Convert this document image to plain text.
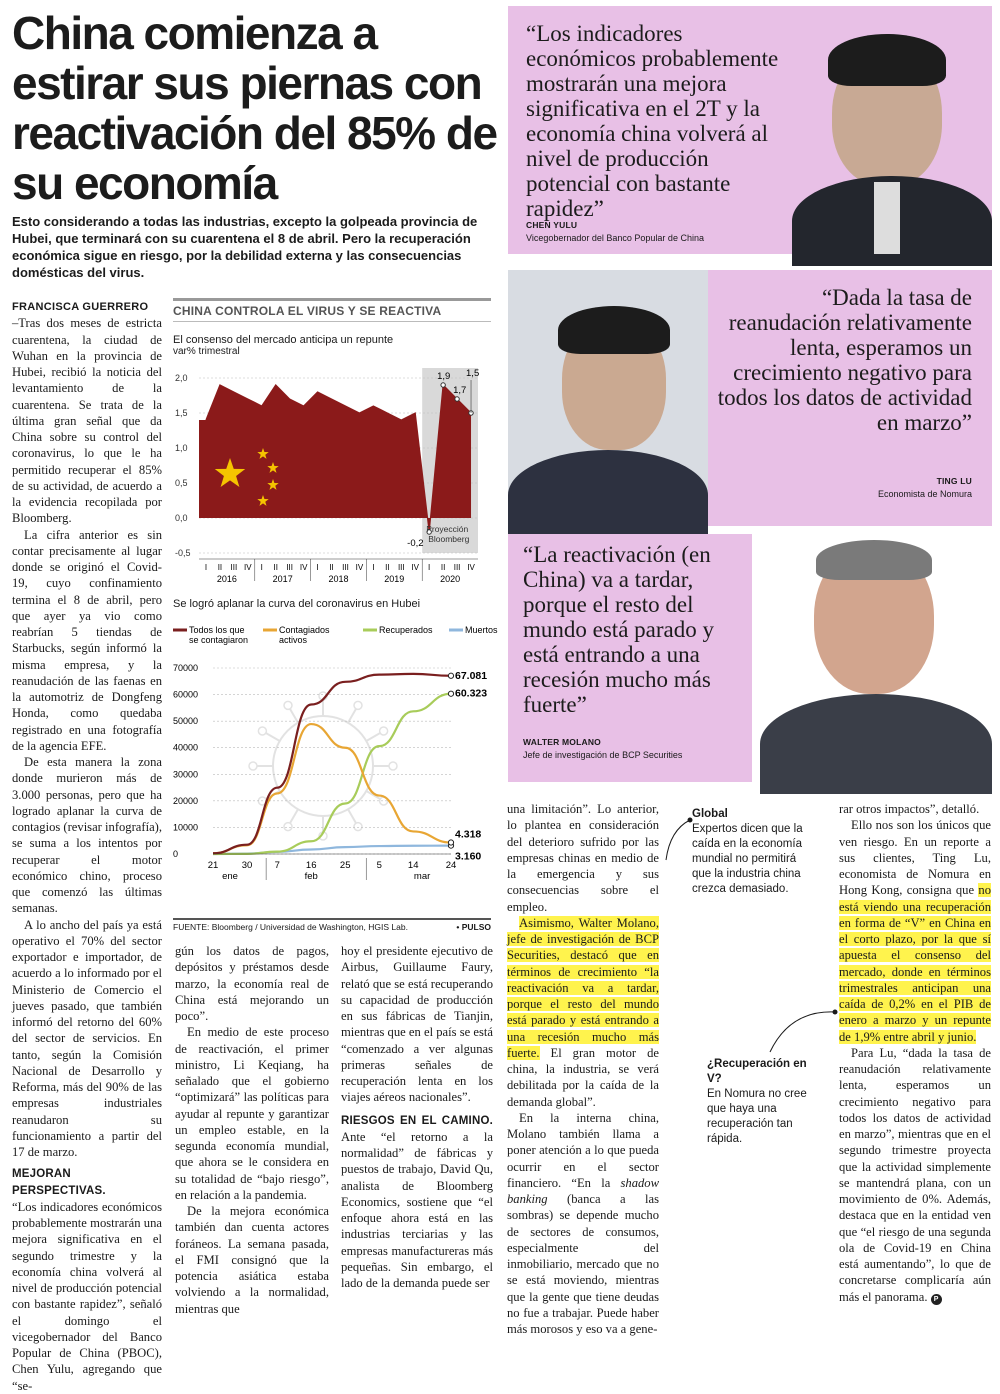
China comienza a estirar sus piernas con reactivación del 85% de su economía
Esto considerando a todas las industrias, excepto la golpeada provincia de Hubei, que terminará con su cuarentena el 8 de abril. Pero la recuperación económica sigue en riesgo, por la debilidad externa y las consecuencias domésticas del virus.

FRANCISCA GUERRERO

–Tras dos meses de estricta cuarentena, la ciudad de Wuhan en la provincia de Hubei, recibió la noticia del levantamiento de la cuarentena. Se trata de la última gran señal que da China sobre su control del coronavirus, lo que le ha permitido recuperar el 85% de su actividad, de acuerdo a la evidencia recopilada por Bloomberg.

La cifra anterior es sin contar precisamente al lugar donde se originó el Covid-19, cuyo confinamiento termina el 8 de abril, pero que ayer ya vio como reabrían 5 tiendas de Starbucks, según informó la misma empresa, y la reanudación de las faenas en la automotriz de Dongfeng Honda, como quedaba registrado en una fotografía de la agencia EFE.

De esta manera la zona donde murieron más de 3.000 personas, pero que ha logrado aplanar la curva de contagios (revisar infografía), se suma a los intentos por recuperar el motor económico chino, proceso que comenzó las últimas semanas.

A lo ancho del país ya está operativo el 70% del sector exportador e importador, de acuerdo a lo informado por el Ministerio de Comercio el jueves pasado, que también informó del retorno del 60% del sector de servicios. En tanto, según la Comisión Nacional de Desarrollo y Reforma, más del 90% de las empresas industriales reanudaron su funcionamiento a partir del 17 de marzo.

MEJORAN PERSPECTIVAS.

“Los indicadores económicos probablemente mostrarán una mejora significativa en el segundo trimestre y la economía china volverá al nivel de producción potencial con bastante rapidez”, señaló el domingo el vicegobernador del Banco Popular de China (PBOC), Chen Yulu, agregando que “se-

CHINA CONTROLA EL VIRUS Y SE REACTIVA
El consenso del mercado anticipa un repunte
var% trimestral
2,0
1,5
1,0
0,5
0,0
-0,5
-0,2
1,9
1,7
1,5
Proyección
Bloomberg
I II III IV I II III IV I II III IV I II III IV I II III IV
2016	2017	2018	2019	2020
Se logró aplanar la curva del coronavirus en Hubei
Todos los que
se contagiaron
Contagiados
activos
Recuperados	Muertos
70000
60000
50000
40000
30000
20000
10000
0
67.081
60.323
4.318
3.160
21 30 7	16 25	5	14	24
ene	feb	mar
FUENTE: Bloomberg / Universidad de Washington, HGIS Lab.	• PULSO

gún los datos de pagos, depósitos y préstamos desde marzo, la economía real de China está mejorando un poco”.

En medio de este proceso de reactivación, el primer ministro, Li Keqiang, ha señalado que el gobierno “optimizará” las políticas para ayudar al repunte y garantizar un empleo estable, en la segunda economía mundial, que ahora se le considera en su totalidad de “bajo riesgo”, en relación a la pandemia.

De la mejora económica también dan cuenta actores foráneos. La semana pasada, el FMI consignó que la potencia asiática estaba volviendo a la normalidad, mientras que

hoy el presidente ejecutivo de Airbus, Guillaume Faury, relató que se está recuperando su capacidad de producción en sus fábricas de Tianjin, mientras que en el país se está “comenzado a ver algunas primeras señales de recuperación lenta en los viajes aéreos nacionales”.

RIESGOS EN EL CAMINO. Ante “el retorno a la normalidad” de fábricas y puestos de trabajo, David Qu, analista de Bloomberg Economics, sostiene que “el enfoque ahora está en las industrias terciarias y las empresas manufactureras más pequeñas. Sin embargo, el lado de la demanda puede ser

“Los indicadores económicos probablemente mostrarán una mejora significativa en el 2T y la economía china volverá al nivel de producción potencial con bastante rapidez”
CHEN YULU
Vicegobernador del Banco Popular de China
“Dada la tasa de reanudación relativamente lenta, esperamos un crecimiento negativo para todos los datos de actividad en marzo”
TING LU
Economista de Nomura
“La reactivación (en China) va a tardar, porque el resto del mundo está parado y está entrando a una recesión mucho más fuerte”
WALTER MOLANO
Jefe de investigación de BCP Securities

una limitación”. Lo anterior, lo plantea en consideración del deterioro sufrido por las empresas chinas en medio de la emergencia y sus consecuencias sobre el empleo.

Asimismo, Walter Molano, jefe de investigación de BCP Securities, destacó que en términos de crecimiento “la reactivación va a tardar, porque el resto del mundo está parado y está entrando a una recesión mucho más fuerte. El gran motor de china, la industria, se verá debilitada por la caída de la demanda global”.

En la interna china, Molano también llama a poner atención a lo que pueda ocurrir en el sector financiero. “En la shadow banking (banca a las sombras) se depende mucho de sectores de consumos, especialmente del inmobiliario, mercado que no se está moviendo, mientras que la gente que tiene deudas no fue a trabajar. Puede haber más morosos y eso va a gene-

Global
Expertos dicen que la caída en la economía mundial no permitirá que la industria china crezca demasiado.
¿Recuperación en V?
En Nomura no cree que haya una recuperación tan rápida.

rar otros impactos”, detalló.

Ello nos son los únicos que ven riesgo. En un reporte a sus clientes, Ting Lu, economista de Nomura en Hong Kong, consigna que no está viendo una recuperación en forma de “V” en China en el corto plazo, por la que sí apuesta el consenso del mercado, donde en términos trimestrales anticipan una caída de 0,2% en el PIB de enero a marzo y un repunte de 1,9% entre abril y junio.

Para Lu, “dada la tasa de reanudación relativamente lenta, esperamos un crecimiento negativo para todos los datos de actividad en marzo”, mientras que en el segundo trimestre proyecta que la actividad simplemente se mantendrá plana, con un movimiento de 0%. Además, destaca que en la entidad ven que “el riesgo de una segunda ola de Covid-19 en China está aumentando”, lo que de concretarse complicaría aún más el panorama. P
